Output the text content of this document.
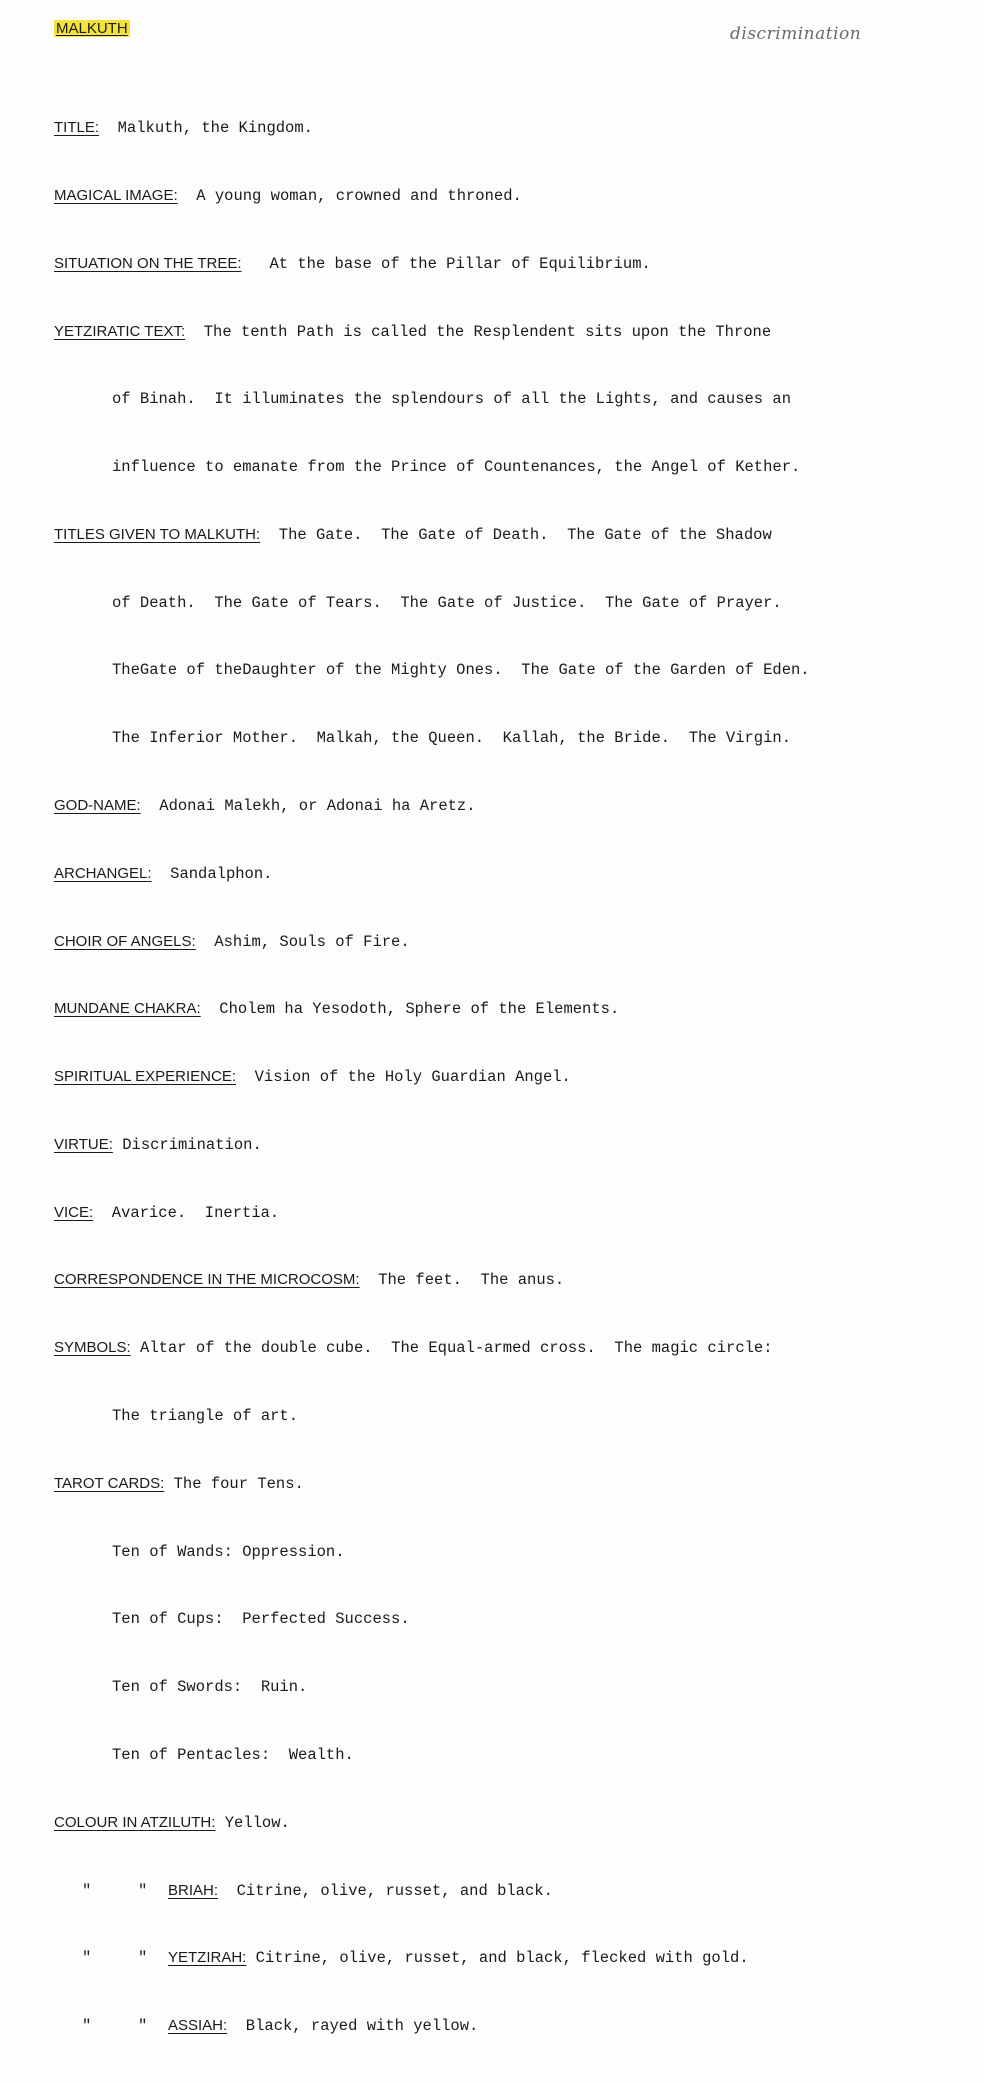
MALKUTH	discrimination

TITLE: Malkuth, the Kingdom.

MAGICAL IMAGE: A young woman, crowned and throned.

SITUATION ON THE TREE: At the base of the Pillar of Equilibrium.

YETZIRATIC TEXT: The tenth Path is called the Resplendent sits upon the Throne

of Binah.  It illuminates the splendours of all the Lights, and causes an

influence to emanate from the Prince of Countenances, the Angel of Kether.

TITLES GIVEN TO MALKUTH: The Gate.  The Gate of Death.  The Gate of the Shadow

of Death.  The Gate of Tears.  The Gate of Justice.  The Gate of Prayer.

TheGate of theDaughter of the Mighty Ones.  The Gate of the Garden of Eden.

The Inferior Mother.  Malkah, the Queen.  Kallah, the Bride.  The Virgin.

GOD-NAME: Adonai Malekh, or Adonai ha Aretz.

ARCHANGEL: Sandalphon.

CHOIR OF ANGELS: Ashim, Souls of Fire.

MUNDANE CHAKRA: Cholem ha Yesodoth, Sphere of the Elements.

SPIRITUAL EXPERIENCE: Vision of the Holy Guardian Angel.

VIRTUE: Discrimination.

VICE: Avarice.  Inertia.

CORRESPONDENCE IN THE MICROCOSM: The feet.  The anus.

SYMBOLS: Altar of the double cube.  The Equal-armed cross.  The magic circle:

The triangle of art.

TAROT CARDS: The four Tens.

Ten of Wands: Oppression.

Ten of Cups:  Perfected Success.

Ten of Swords:  Ruin.

Ten of Pentacles:  Wealth.

COLOUR IN ATZILUTH: Yellow.

"	" BRIAH: Citrine, olive, russet, and black.

"	" YETZIRAH: Citrine, olive, russet, and black, flecked with gold.

"	" ASSIAH: Black, rayed with yellow.
